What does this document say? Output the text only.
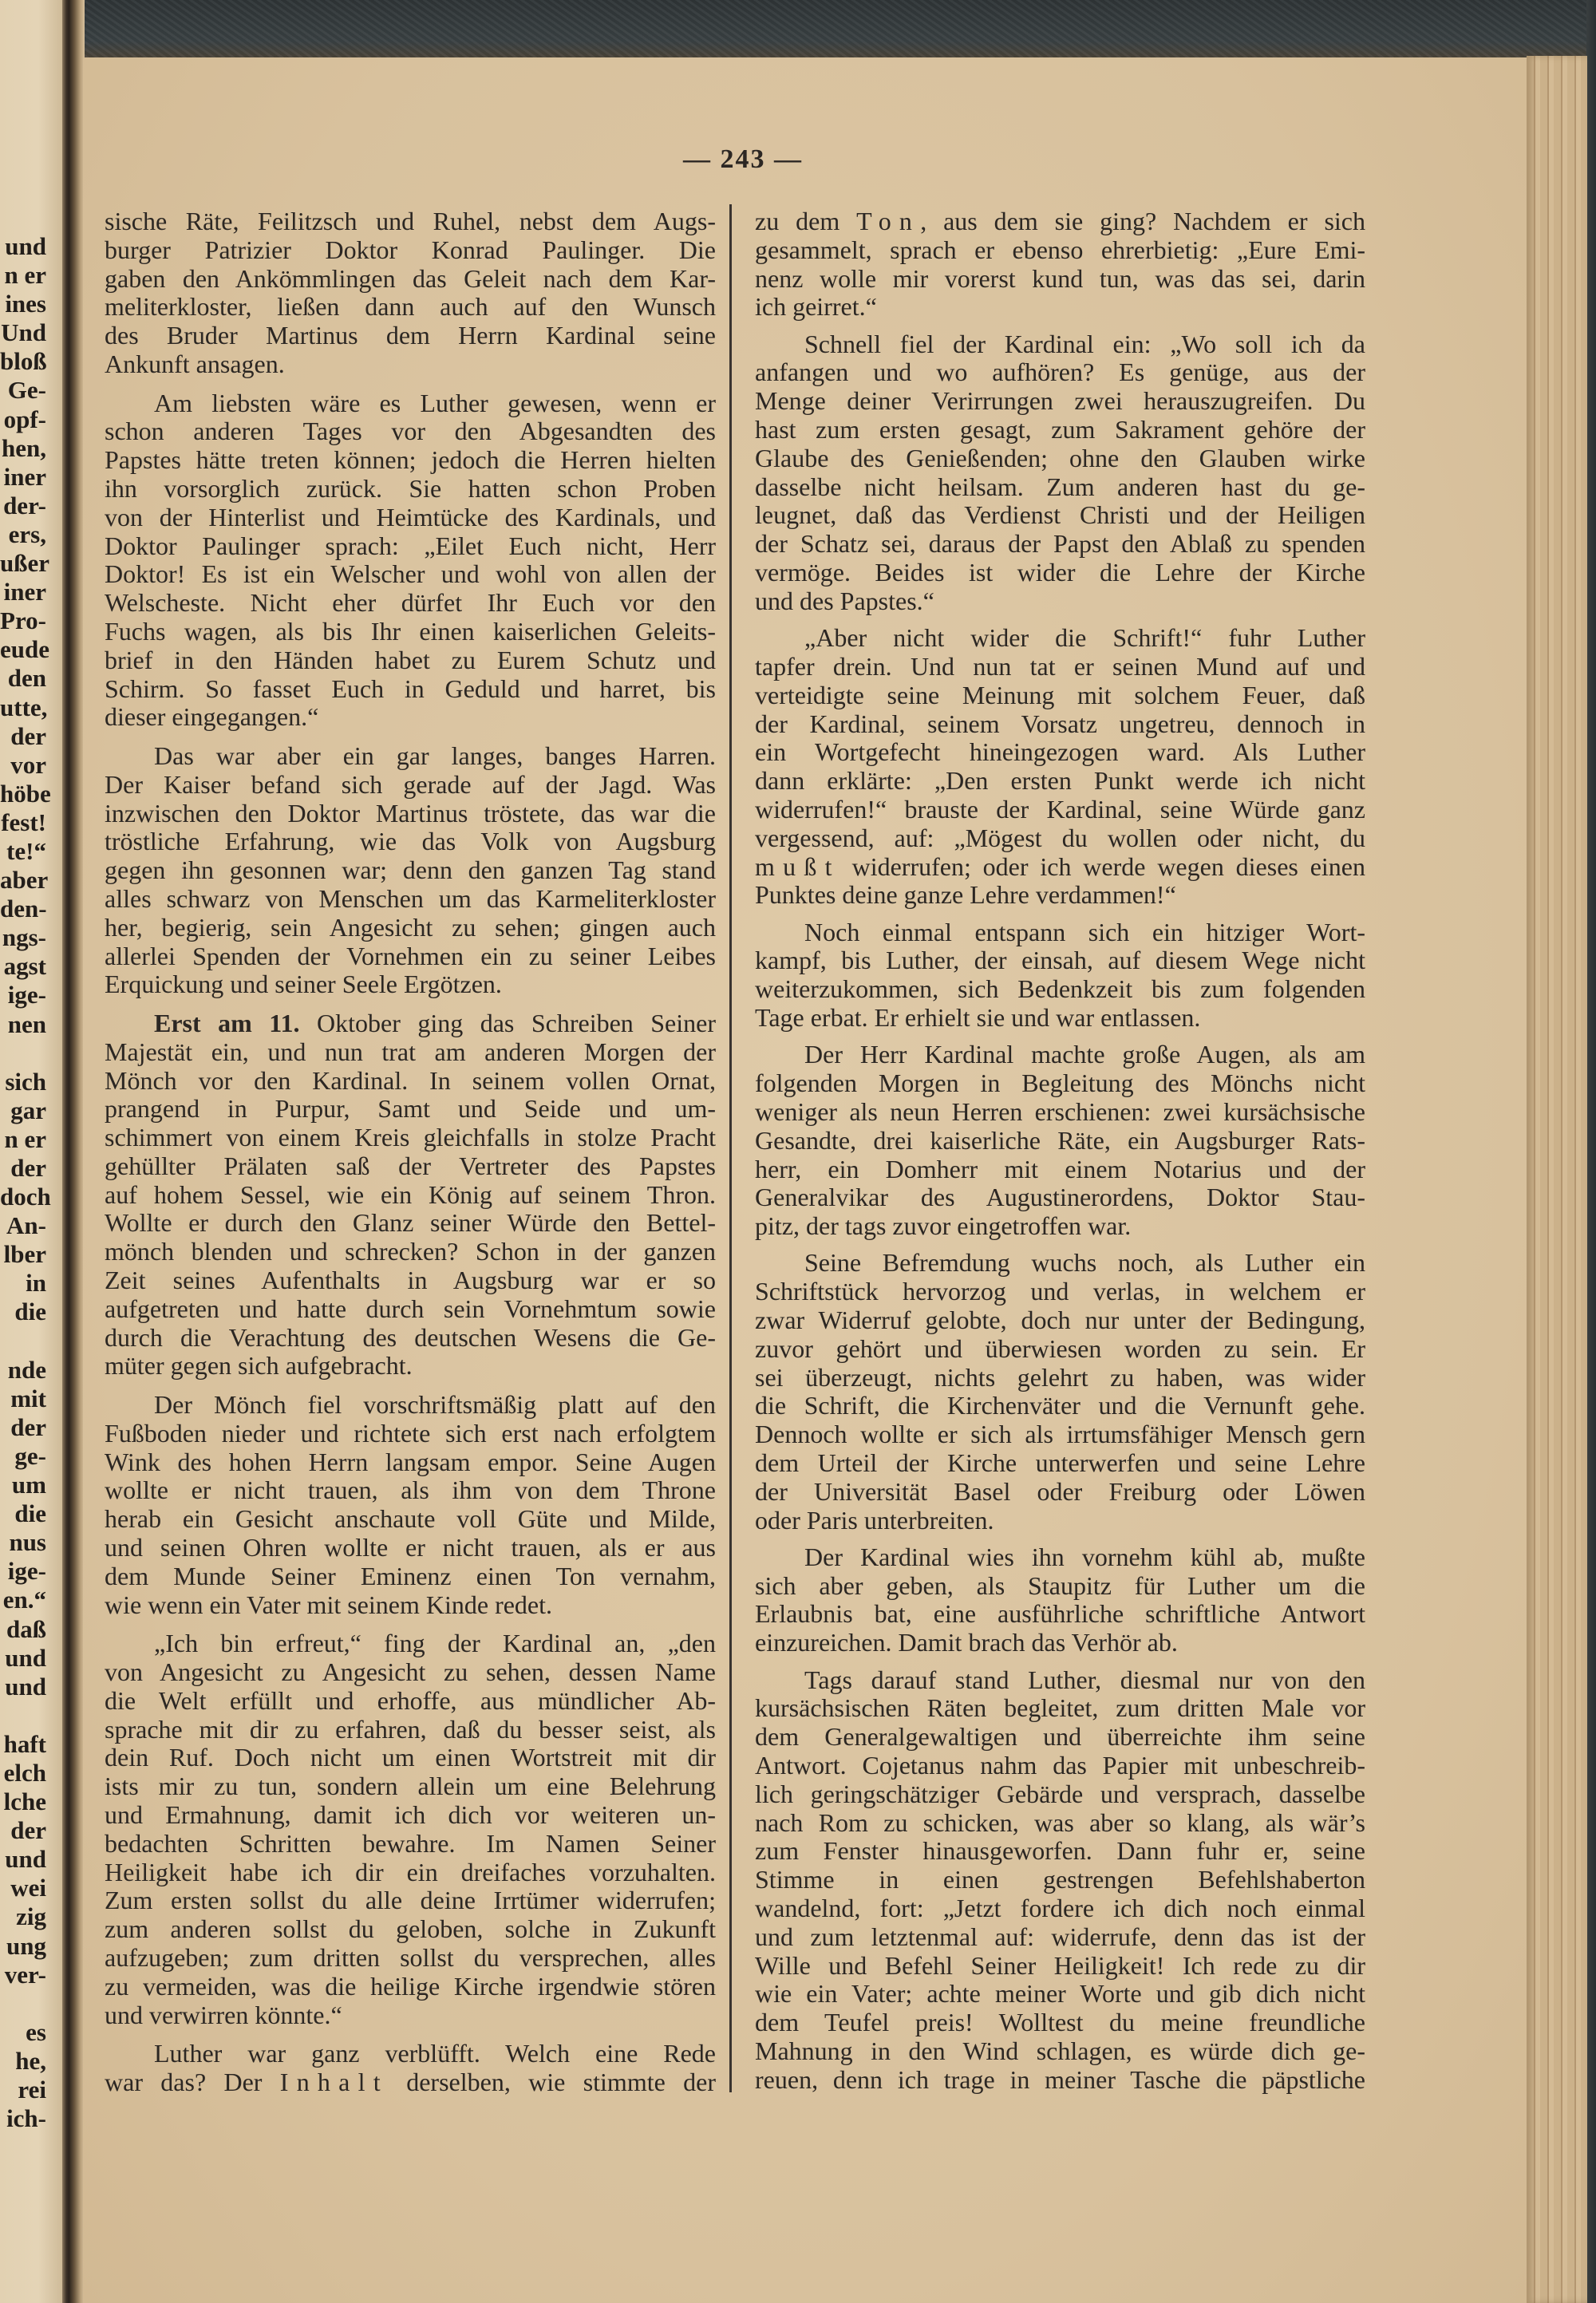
und
n er
ines
Und
bloß
Ge-
opf-
hen,
iner
der-
ers,
ußer
iner
Pro-
eude
den
utte,
der
vor
höbe
fest!
te!“
aber
den-
ngs-
agst
ige-
nen
sich
gar
n er
der
doch
An-
lber
in
die
nde
mit
der
ge-
um
die
nus
ige-
en.“
daß
und
und
haft
elch
lche
der
und
wei
zig
ung
ver-
es
he,
rei
ich-
— 243 —
sische Räte, Feilitzsch und Ruhel, nebst dem Augs-
burger Patrizier Doktor Konrad Paulinger. Die
gaben den Ankömmlingen das Geleit nach dem Kar-
meliterkloster, ließen dann auch auf den Wunsch
des Bruder Martinus dem Herrn Kardinal seine
Ankunft ansagen.
Am liebsten wäre es Luther gewesen, wenn er
schon anderen Tages vor den Abgesandten des
Papstes hätte treten können; jedoch die Herren hielten
ihn vorsorglich zurück. Sie hatten schon Proben
von der Hinterlist und Heimtücke des Kardinals, und
Doktor Paulinger sprach: „Eilet Euch nicht, Herr
Doktor! Es ist ein Welscher und wohl von allen der
Welscheste. Nicht eher dürfet Ihr Euch vor den
Fuchs wagen, als bis Ihr einen kaiserlichen Geleits-
brief in den Händen habet zu Eurem Schutz und
Schirm. So fasset Euch in Geduld und harret, bis
dieser eingegangen.“
Das war aber ein gar langes, banges Harren.
Der Kaiser befand sich gerade auf der Jagd. Was
inzwischen den Doktor Martinus tröstete, das war die
tröstliche Erfahrung, wie das Volk von Augsburg
gegen ihn gesonnen war; denn den ganzen Tag stand
alles schwarz von Menschen um das Karmeliterkloster
her, begierig, sein Angesicht zu sehen; gingen auch
allerlei Spenden der Vornehmen ein zu seiner Leibes
Erquickung und seiner Seele Ergötzen.
Erst am 11. Oktober ging das Schreiben Seiner
Majestät ein, und nun trat am anderen Morgen der
Mönch vor den Kardinal. In seinem vollen Ornat,
prangend in Purpur, Samt und Seide und um-
schimmert von einem Kreis gleichfalls in stolze Pracht
gehüllter Prälaten saß der Vertreter des Papstes
auf hohem Sessel, wie ein König auf seinem Thron.
Wollte er durch den Glanz seiner Würde den Bettel-
mönch blenden und schrecken? Schon in der ganzen
Zeit seines Aufenthalts in Augsburg war er so
aufgetreten und hatte durch sein Vornehmtum sowie
durch die Verachtung des deutschen Wesens die Ge-
müter gegen sich aufgebracht.
Der Mönch fiel vorschriftsmäßig platt auf den
Fußboden nieder und richtete sich erst nach erfolgtem
Wink des hohen Herrn langsam empor. Seine Augen
wollte er nicht trauen, als ihm von dem Throne
herab ein Gesicht anschaute voll Güte und Milde,
und seinen Ohren wollte er nicht trauen, als er aus
dem Munde Seiner Eminenz einen Ton vernahm,
wie wenn ein Vater mit seinem Kinde redet.
„Ich bin erfreut,“ fing der Kardinal an, „den
von Angesicht zu Angesicht zu sehen, dessen Name
die Welt erfüllt und erhoffe, aus mündlicher Ab-
sprache mit dir zu erfahren, daß du besser seist, als
dein Ruf. Doch nicht um einen Wortstreit mit dir
ists mir zu tun, sondern allein um eine Belehrung
und Ermahnung, damit ich dich vor weiteren un-
bedachten Schritten bewahre. Im Namen Seiner
Heiligkeit habe ich dir ein dreifaches vorzuhalten.
Zum ersten sollst du alle deine Irrtümer widerrufen;
zum anderen sollst du geloben, solche in Zukunft
aufzugeben; zum dritten sollst du versprechen, alles
zu vermeiden, was die heilige Kirche irgendwie stören
und verwirren könnte.“
Luther war ganz verblüfft. Welch eine Rede
war das? Der Inhalt derselben, wie stimmte der
zu dem Ton, aus dem sie ging? Nachdem er sich
gesammelt, sprach er ebenso ehrerbietig: „Eure Emi-
nenz wolle mir vorerst kund tun, was das sei, darin
ich geirret.“
Schnell fiel der Kardinal ein: „Wo soll ich da
anfangen und wo aufhören? Es genüge, aus der
Menge deiner Verirrungen zwei herauszugreifen. Du
hast zum ersten gesagt, zum Sakrament gehöre der
Glaube des Genießenden; ohne den Glauben wirke
dasselbe nicht heilsam. Zum anderen hast du ge-
leugnet, daß das Verdienst Christi und der Heiligen
der Schatz sei, daraus der Papst den Ablaß zu spenden
vermöge. Beides ist wider die Lehre der Kirche
und des Papstes.“
„Aber nicht wider die Schrift!“ fuhr Luther
tapfer drein. Und nun tat er seinen Mund auf und
verteidigte seine Meinung mit solchem Feuer, daß
der Kardinal, seinem Vorsatz ungetreu, dennoch in
ein Wortgefecht hineingezogen ward. Als Luther
dann erklärte: „Den ersten Punkt werde ich nicht
widerrufen!“ brauste der Kardinal, seine Würde ganz
vergessend, auf: „Mögest du wollen oder nicht, du
mußt widerrufen; oder ich werde wegen dieses einen
Punktes deine ganze Lehre verdammen!“
Noch einmal entspann sich ein hitziger Wort-
kampf, bis Luther, der einsah, auf diesem Wege nicht
weiterzukommen, sich Bedenkzeit bis zum folgenden
Tage erbat. Er erhielt sie und war entlassen.
Der Herr Kardinal machte große Augen, als am
folgenden Morgen in Begleitung des Mönchs nicht
weniger als neun Herren erschienen: zwei kursächsische
Gesandte, drei kaiserliche Räte, ein Augsburger Rats-
herr, ein Domherr mit einem Notarius und der
Generalvikar des Augustinerordens, Doktor Stau-
pitz, der tags zuvor eingetroffen war.
Seine Befremdung wuchs noch, als Luther ein
Schriftstück hervorzog und verlas, in welchem er
zwar Widerruf gelobte, doch nur unter der Bedingung,
zuvor gehört und überwiesen worden zu sein. Er
sei überzeugt, nichts gelehrt zu haben, was wider
die Schrift, die Kirchenväter und die Vernunft gehe.
Dennoch wollte er sich als irrtumsfähiger Mensch gern
dem Urteil der Kirche unterwerfen und seine Lehre
der Universität Basel oder Freiburg oder Löwen
oder Paris unterbreiten.
Der Kardinal wies ihn vornehm kühl ab, mußte
sich aber geben, als Staupitz für Luther um die
Erlaubnis bat, eine ausführliche schriftliche Antwort
einzureichen. Damit brach das Verhör ab.
Tags darauf stand Luther, diesmal nur von den
kursächsischen Räten begleitet, zum dritten Male vor
dem Generalgewaltigen und überreichte ihm seine
Antwort. Cojetanus nahm das Papier mit unbeschreib-
lich geringschätziger Gebärde und versprach, dasselbe
nach Rom zu schicken, was aber so klang, als wär’s
zum Fenster hinausgeworfen. Dann fuhr er, seine
Stimme in einen gestrengen Befehlshaberton
wandelnd, fort: „Jetzt fordere ich dich noch einmal
und zum letztenmal auf: widerrufe, denn das ist der
Wille und Befehl Seiner Heiligkeit! Ich rede zu dir
wie ein Vater; achte meiner Worte und gib dich nicht
dem Teufel preis! Wolltest du meine freundliche
Mahnung in den Wind schlagen, es würde dich ge-
reuen, denn ich trage in meiner Tasche die päpstliche
